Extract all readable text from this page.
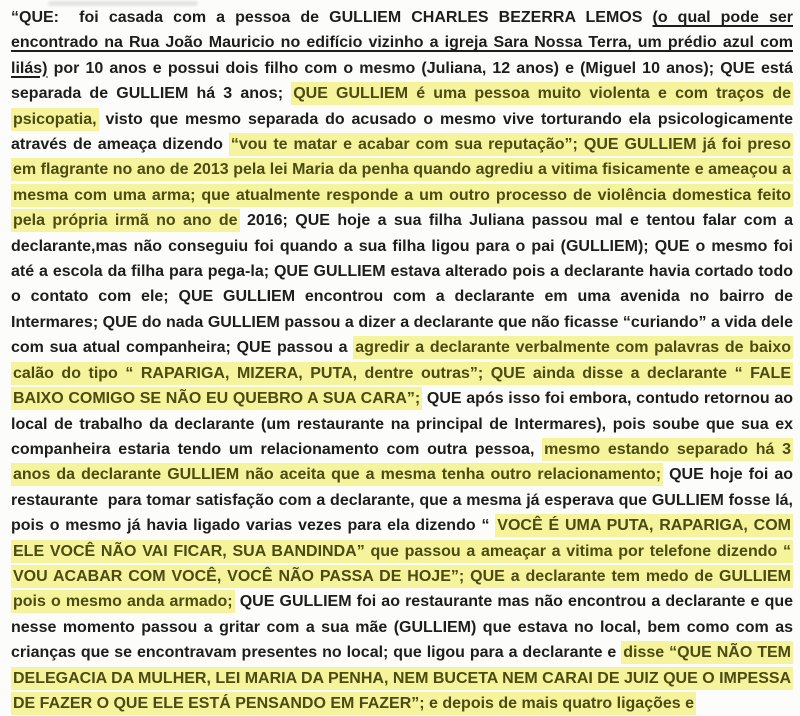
“QUE:  foi casada com a pessoa de GULLIEM CHARLES BEZERRA LEMOS (o qual pode ser encontrado na Rua João Mauricio no edifício vizinho a igreja Sara Nossa Terra, um prédio azul com lilás) por 10 anos e possui dois filho com o mesmo (Juliana, 12 anos) e (Miguel 10 anos); QUE está separada de GULLIEM há 3 anos; QUE GULLIEM é uma pessoa muito violenta e com traços de psicopatia, visto que mesmo separada do acusado o mesmo vive torturando ela psicologicamente através de ameaça dizendo “vou te matar e acabar com sua reputação”; QUE GULLIEM já foi preso em flagrante no ano de 2013 pela lei Maria da penha quando agrediu a vitima fisicamente e ameaçou a mesma com uma arma; que atualmente responde a um outro processo de violência domestica feito pela própria irmã no ano de 2016; QUE hoje a sua filha Juliana passou mal e tentou falar com a declarante,mas não conseguiu foi quando a sua filha ligou para o pai (GULLIEM); QUE o mesmo foi até a escola da filha para pega-la; QUE GULLIEM estava alterado pois a declarante havia cortado todo o contato com ele; QUE GULLIEM encontrou com a declarante em uma avenida no bairro de Intermares; QUE do nada GULLIEM passou a dizer a declarante que não ficasse “curiando” a vida dele com sua atual companheira; QUE passou a agredir a declarante verbalmente com palavras de baixo calão do tipo “ RAPARIGA, MIZERA, PUTA, dentre outras”; QUE ainda disse a declarante “ FALE BAIXO COMIGO SE NÃO EU QUEBRO A SUA CARA”; QUE após isso foi embora, contudo retornou ao local de trabalho da declarante (um restaurante na principal de Intermares), pois soube que sua ex companheira estaria tendo um relacionamento com outra pessoa, mesmo estando separado há 3 anos da declarante GULLIEM não aceita que a mesma tenha outro relacionamento; QUE hoje foi ao restaurante  para tomar satisfação com a declarante, que a mesma já esperava que GULLIEM fosse lá, pois o mesmo já havia ligado varias vezes para ela dizendo “ VOCÊ É UMA PUTA, RAPARIGA, COM ELE VOCÊ NÃO VAI FICAR, SUA BANDINDA” que passou a ameaçar a vitima por telefone dizendo “ VOU ACABAR COM VOCÊ, VOCÊ NÃO PASSA DE HOJE”; QUE a declarante tem medo de GULLIEM pois o mesmo anda armado; QUE GULLIEM foi ao restaurante mas não encontrou a declarante e que nesse momento passou a gritar com a sua mãe (GULLIEM) que estava no local, bem como com as crianças que se encontravam presentes no local; que ligou para a declarante e disse “QUE NÃO TEM DELEGACIA DA MULHER, LEI MARIA DA PENHA, NEM BUCETA NEM CARAI DE JUIZ QUE O IMPESSA DE FAZER O QUE ELE ESTÁ PENSANDO EM FAZER”; e depois de mais quatro ligações e
